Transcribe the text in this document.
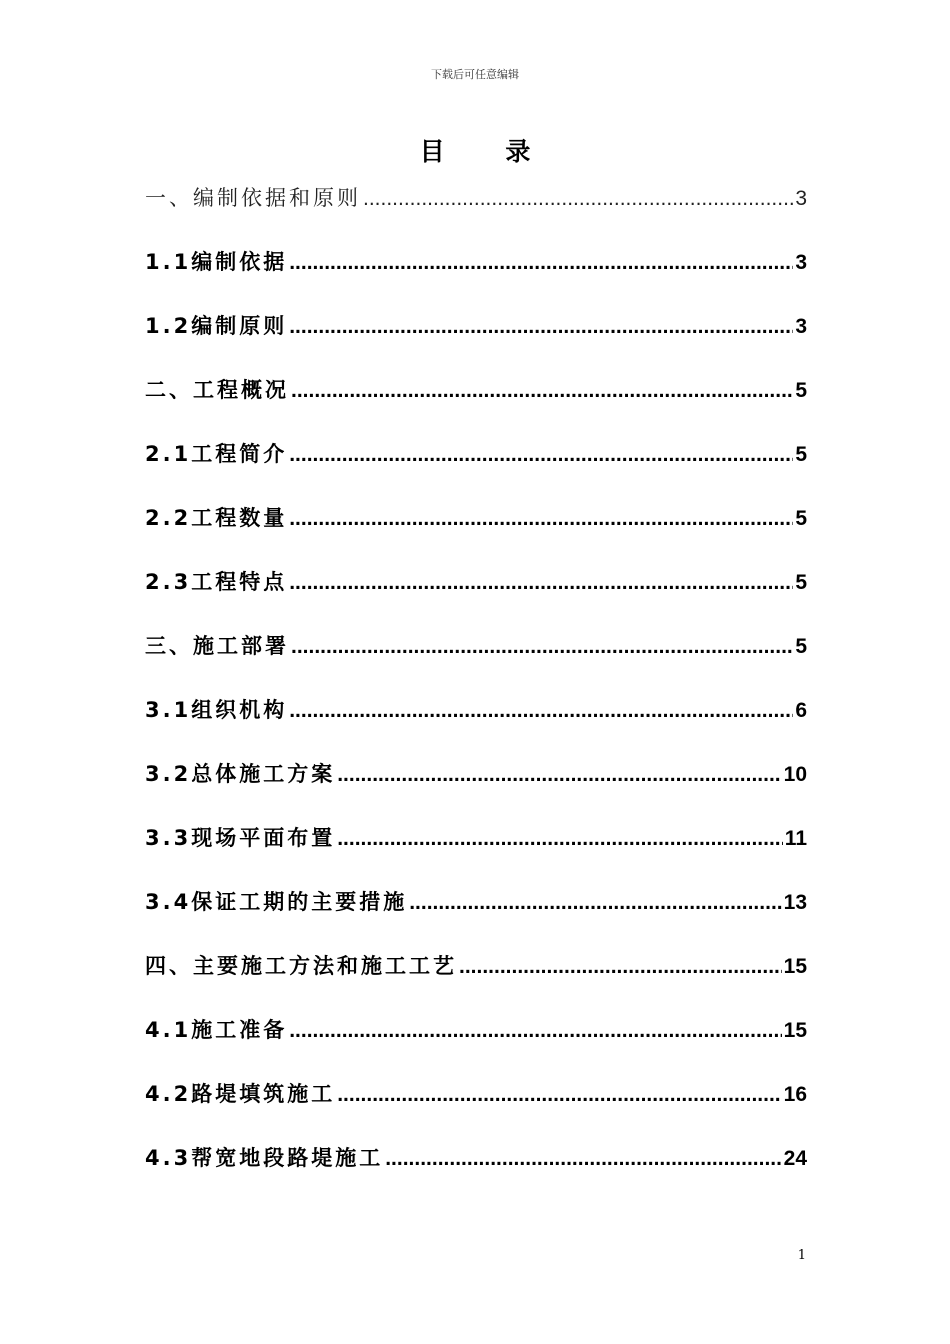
下载后可任意编辑
目 录
一、编制依据和原则 .....	3
1.1编制依据 .....	3
1.2编制原则 .....	3
二、工程概况 .....	5
2.1工程简介 .....	5
2.2工程数量 .....	5
2.3工程特点 .....	5
三、施工部署 .....	5
3.1组织机构 .....	6
3.2总体施工方案 .....	10
3.3现场平面布置 .....	11
3.4保证工期的主要措施 .....	13
四、主要施工方法和施工工艺 .....	15
4.1施工准备 .....	15
4.2路堤填筑施工 .....	16
4.3帮宽地段路堤施工 .....	24
1
